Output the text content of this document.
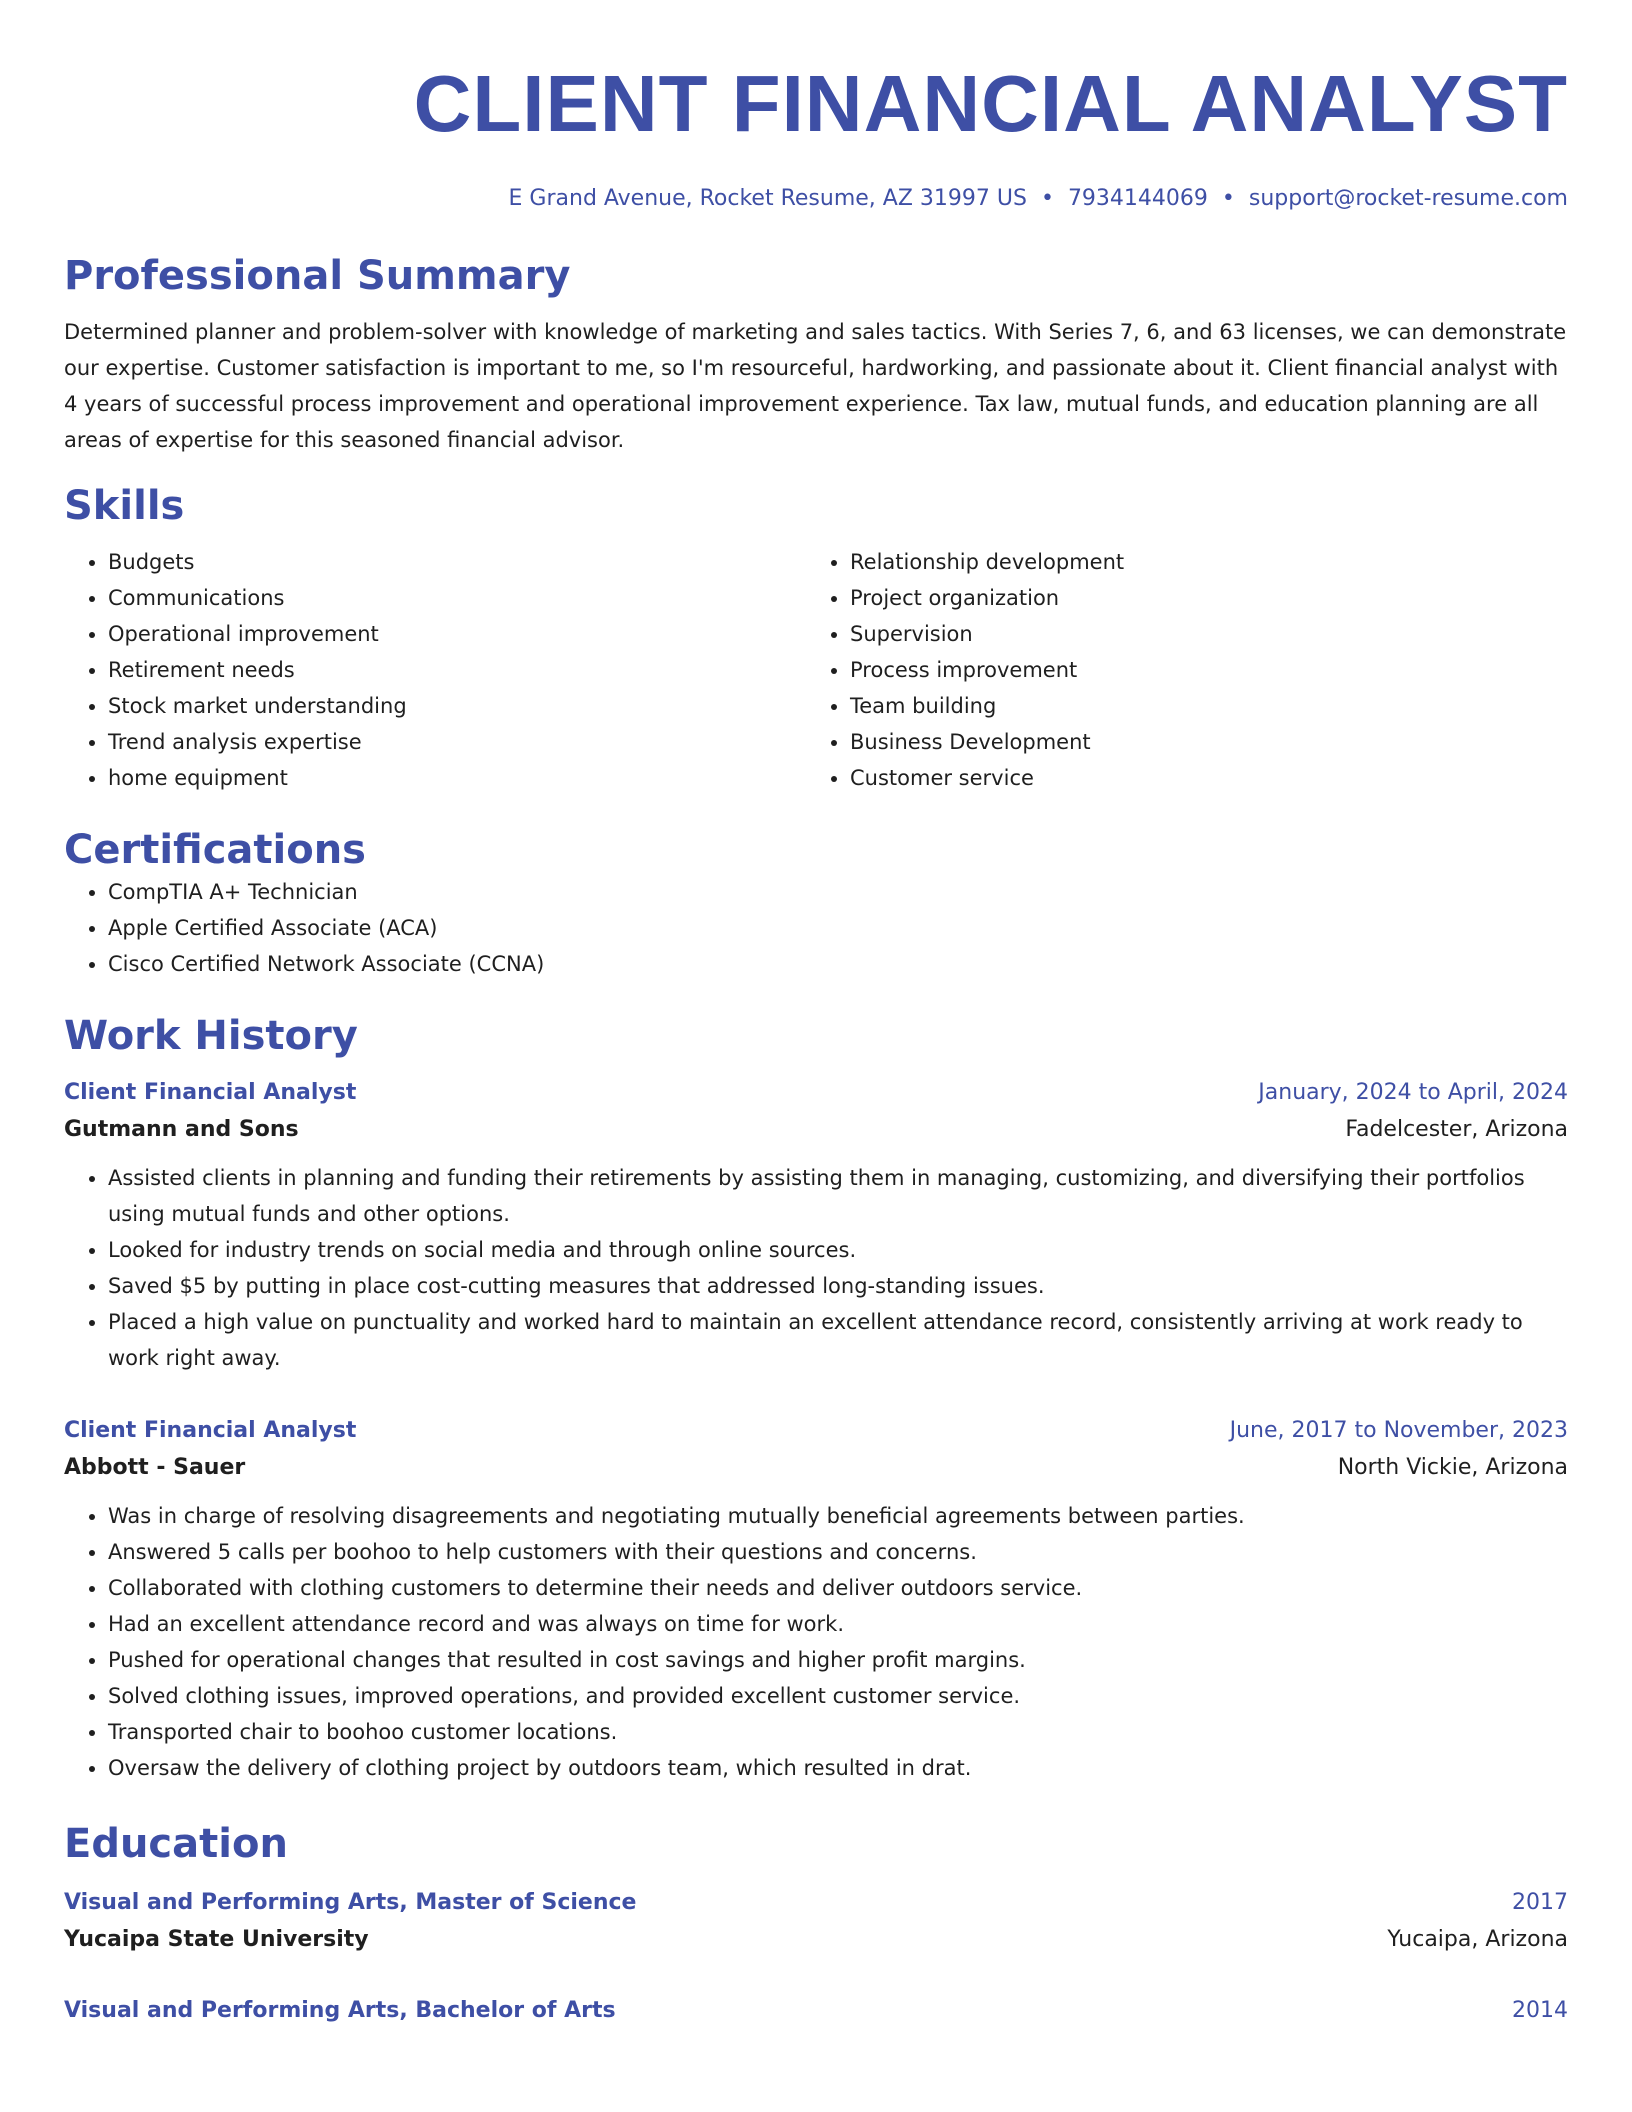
CLIENT FINANCIAL ANALYST
E Grand Avenue, Rocket Resume, AZ 31997 US • 7934144069 • support@rocket-resume.com
Professional Summary
Determined planner and problem-solver with knowledge of marketing and sales tactics. With Series 7, 6, and 63 licenses, we can demonstrate our expertise. Customer satisfaction is important to me, so I'm resourceful, hardworking, and passionate about it. Client financial analyst with 4 years of successful process improvement and operational improvement experience. Tax law, mutual funds, and education planning are all areas of expertise for this seasoned financial advisor.
Skills
• Budgets
• Communications
• Operational improvement
• Retirement needs
• Stock market understanding
• Trend analysis expertise
• home equipment
• Relationship development
• Project organization
• Supervision
• Process improvement
• Team building
• Business Development
• Customer service
Certifications
• CompTIA A+ Technician
• Apple Certified Associate (ACA)
• Cisco Certified Network Associate (CCNA)
Work History
Client Financial Analyst	January, 2024 to April, 2024
Gutmann and Sons	Fadelcester, Arizona
• Assisted clients in planning and funding their retirements by assisting them in managing, customizing, and diversifying their portfolios using mutual funds and other options.
• Looked for industry trends on social media and through online sources.
• Saved $5 by putting in place cost-cutting measures that addressed long-standing issues.
• Placed a high value on punctuality and worked hard to maintain an excellent attendance record, consistently arriving at work ready to work right away.
Client Financial Analyst	June, 2017 to November, 2023
Abbott - Sauer	North Vickie, Arizona
• Was in charge of resolving disagreements and negotiating mutually beneficial agreements between parties.
• Answered 5 calls per boohoo to help customers with their questions and concerns.
• Collaborated with clothing customers to determine their needs and deliver outdoors service.
• Had an excellent attendance record and was always on time for work.
• Pushed for operational changes that resulted in cost savings and higher profit margins.
• Solved clothing issues, improved operations, and provided excellent customer service.
• Transported chair to boohoo customer locations.
• Oversaw the delivery of clothing project by outdoors team, which resulted in drat.
Education
Visual and Performing Arts, Master of Science	2017
Yucaipa State University	Yucaipa, Arizona
Visual and Performing Arts, Bachelor of Arts	2014
